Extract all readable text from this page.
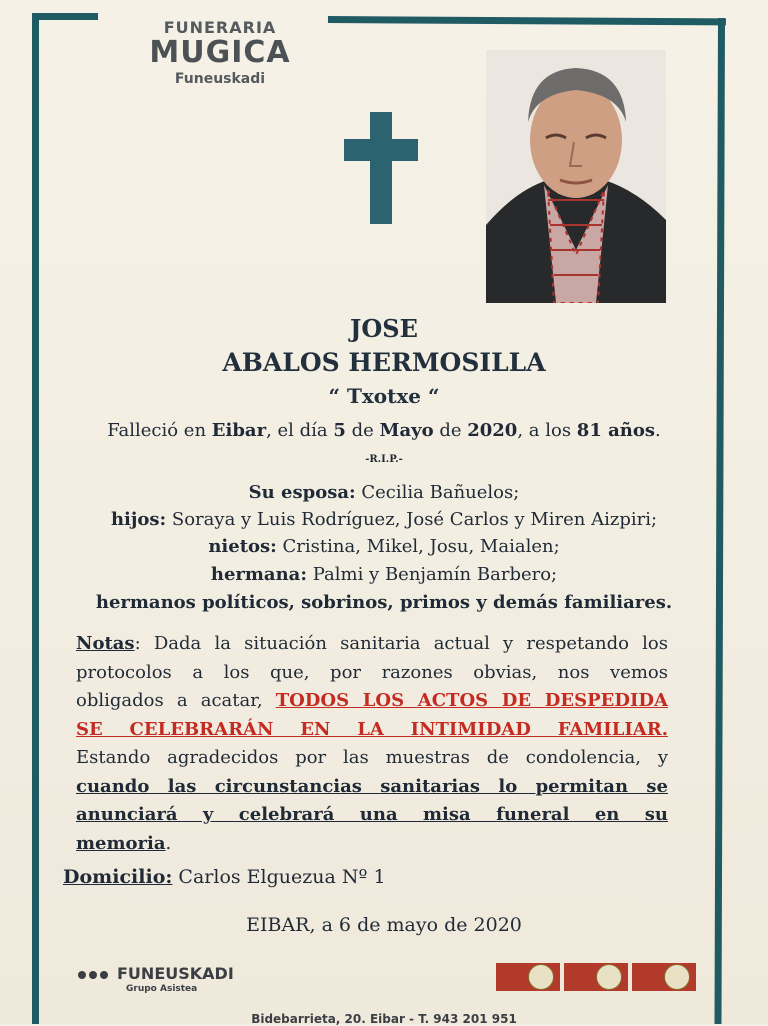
FUNERARIA
MUGICA
Funeuskadi
JOSE
ABALOS HERMOSILLA
“ Txotxe “
Falleció en Eibar, el día 5 de Mayo de 2020, a los 81 años.
-R.I.P.-
Su esposa: Cecilia Bañuelos;
hijos: Soraya y Luis Rodríguez, José Carlos y Miren Aizpiri;
nietos: Cristina, Mikel, Josu, Maialen;
hermana: Palmi y Benjamín Barbero;
hermanos políticos, sobrinos, primos y demás familiares.
Notas: Dada la situación sanitaria actual y respetando los
protocolos a los que, por razones obvias, nos vemos
obligados a acatar, TODOS LOS ACTOS DE DESPEDIDA
SE CELEBRARÁN EN LA INTIMIDAD FAMILIAR.
Estando agradecidos por las muestras de condolencia, y
cuando las circunstancias sanitarias lo permitan se
anunciará y celebrará una misa funeral en su
memoria.
Domicilio: Carlos Elguezua Nº 1
EIBAR, a 6 de mayo de 2020
FUNEUSKADI
Grupo Asistea
Bidebarrieta, 20. Eibar - T. 943 201 951
